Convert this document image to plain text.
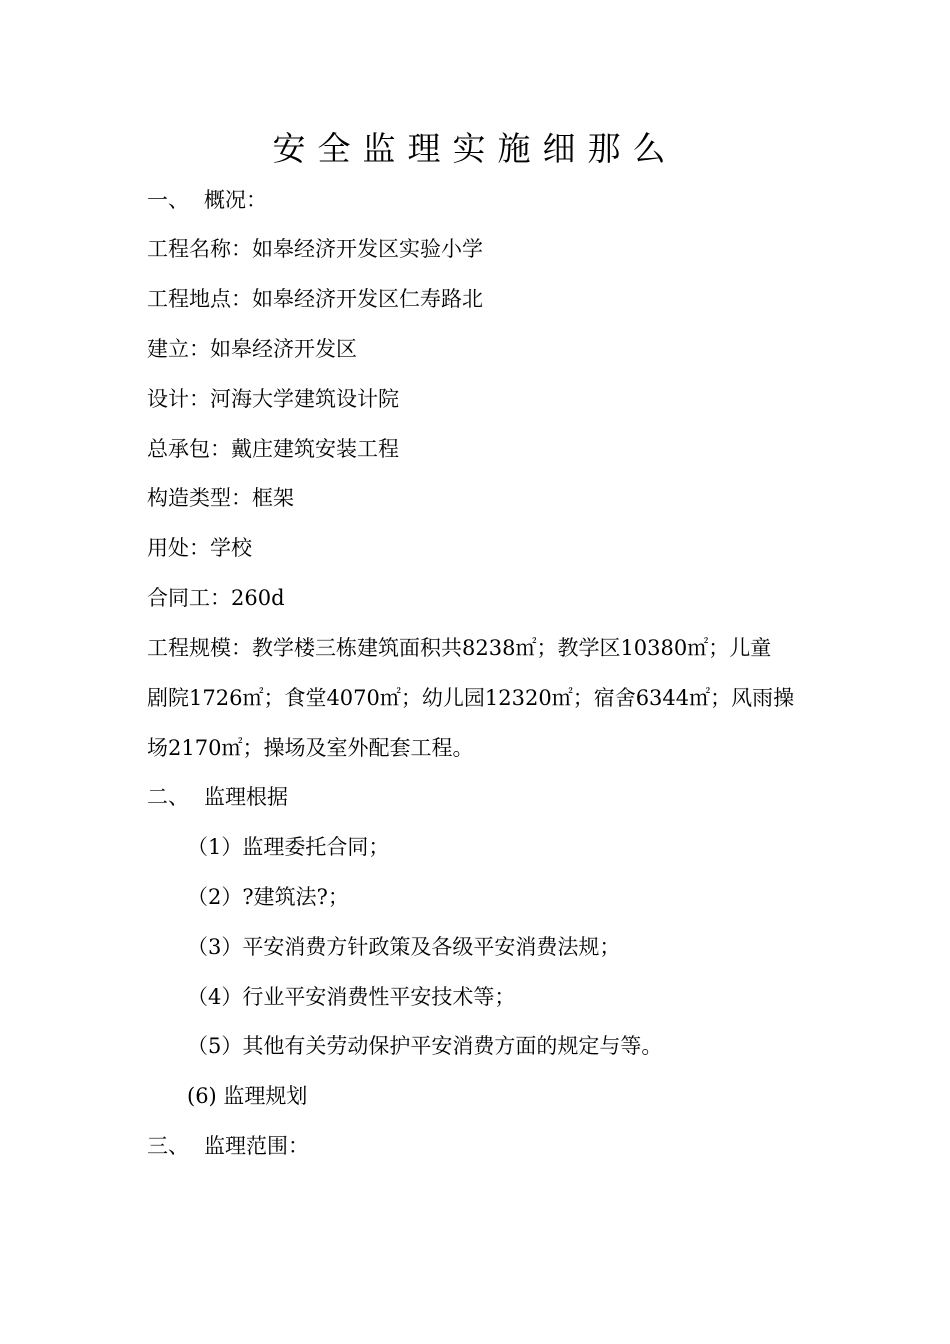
安全监理实施细那么
一、 概况：
工程名称：如皋经济开发区实验小学
工程地点：如皋经济开发区仁寿路北
建立：如皋经济开发区
设计：河海大学建筑设计院
总承包：戴庄建筑安装工程
构造类型：框架
用处：学校
合同工：260d
工程规模：教学楼三栋建筑面积共8238㎡；教学区10380㎡；儿童
剧院1726㎡；食堂4070㎡；幼儿园12320㎡；宿舍6344㎡；风雨操
场2170㎡；操场及室外配套工程。
二、 监理根据
（1）监理委托合同；
（2）?建筑法?；
（3）平安消费方针政策及各级平安消费法规；
（4）行业平安消费性平安技术等；
（5）其他有关劳动保护平安消费方面的规定与等。
(6) 监理规划
三、 监理范围：
